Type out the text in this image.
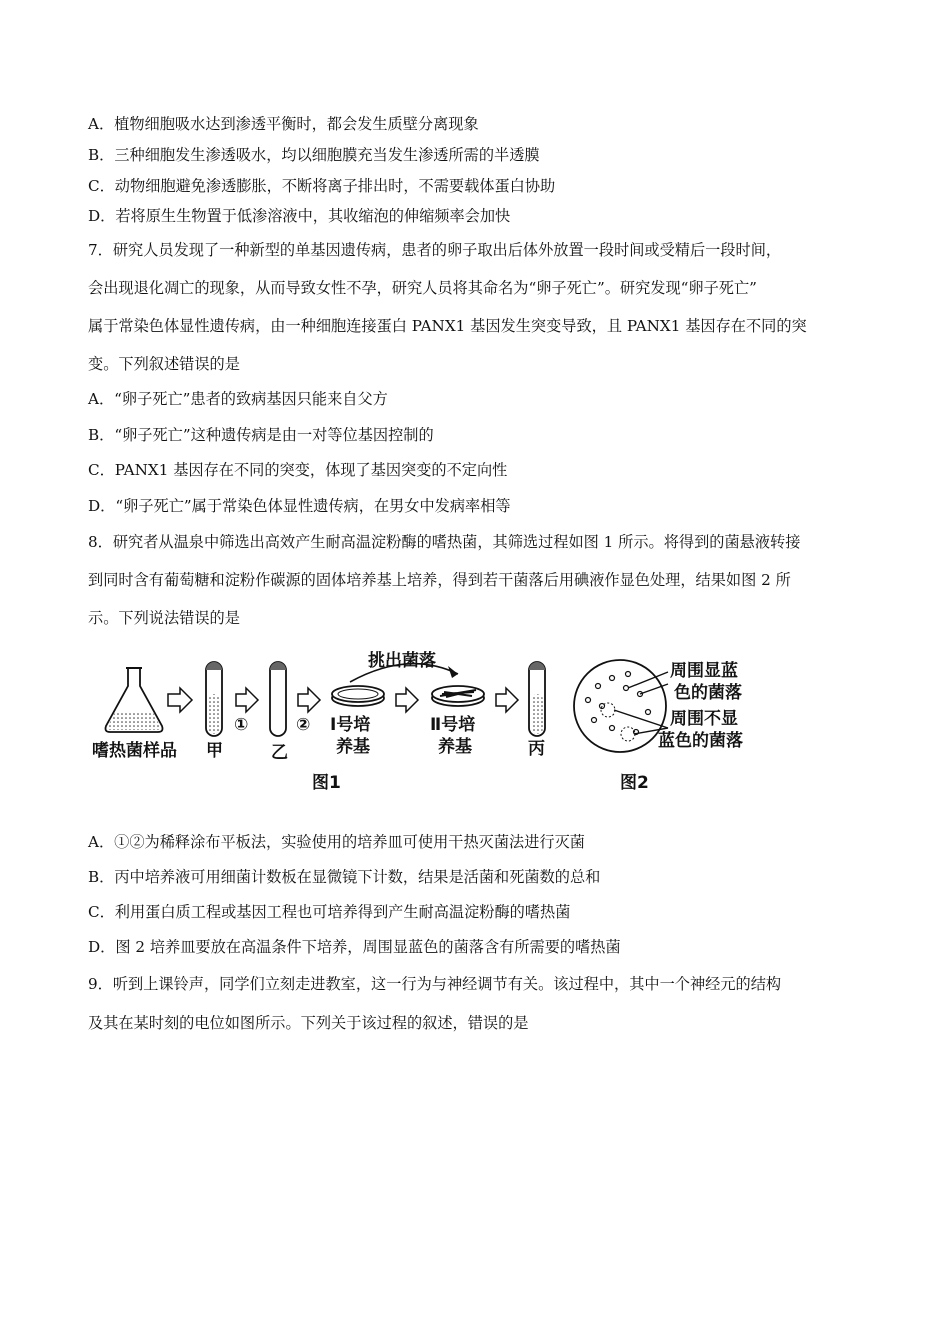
A．植物细胞吸水达到渗透平衡时，都会发生质壁分离现象
B．三种细胞发生渗透吸水，均以细胞膜充当发生渗透所需的半透膜
C．动物细胞避免渗透膨胀，不断将离子排出时，不需要载体蛋白协助
D．若将原生生物置于低渗溶液中，其收缩泡的伸缩频率会加快
7．研究人员发现了一种新型的单基因遗传病，患者的卵子取出后体外放置一段时间或受精后一段时间，
会出现退化凋亡的现象，从而导致女性不孕，研究人员将其命名为“卵子死亡”。研究发现“卵子死亡”
属于常染色体显性遗传病，由一种细胞连接蛋白 PANX1 基因发生突变导致，且 PANX1 基因存在不同的突
变。下列叙述错误的是
A．“卵子死亡”患者的致病基因只能来自父方
B．“卵子死亡”这种遗传病是由一对等位基因控制的
C．PANX1 基因存在不同的突变，体现了基因突变的不定向性
D．“卵子死亡”属于常染色体显性遗传病，在男女中发病率相等
8．研究者从温泉中筛选出高效产生耐高温淀粉酶的嗜热菌，其筛选过程如图 1 所示。将得到的菌悬液转接
到同时含有葡萄糖和淀粉作碳源的固体培养基上培养，得到若干菌落后用碘液作显色处理，结果如图 2 所
示。下列说法错误的是
嗜热菌样品 甲
①
乙
② Ⅰ号培
养基
挑出菌落
Ⅱ号培
养基	丙
图1
周围显蓝
色的菌落
周围不显
蓝色的菌落
图2
A．①②为稀释涂布平板法，实验使用的培养皿可使用干热灭菌法进行灭菌
B．丙中培养液可用细菌计数板在显微镜下计数，结果是活菌和死菌数的总和
C．利用蛋白质工程或基因工程也可培养得到产生耐高温淀粉酶的嗜热菌
D．图 2 培养皿要放在高温条件下培养，周围显蓝色的菌落含有所需要的嗜热菌
9．听到上课铃声，同学们立刻走进教室，这一行为与神经调节有关。该过程中，其中一个神经元的结构
及其在某时刻的电位如图所示。下列关于该过程的叙述，错误的是
